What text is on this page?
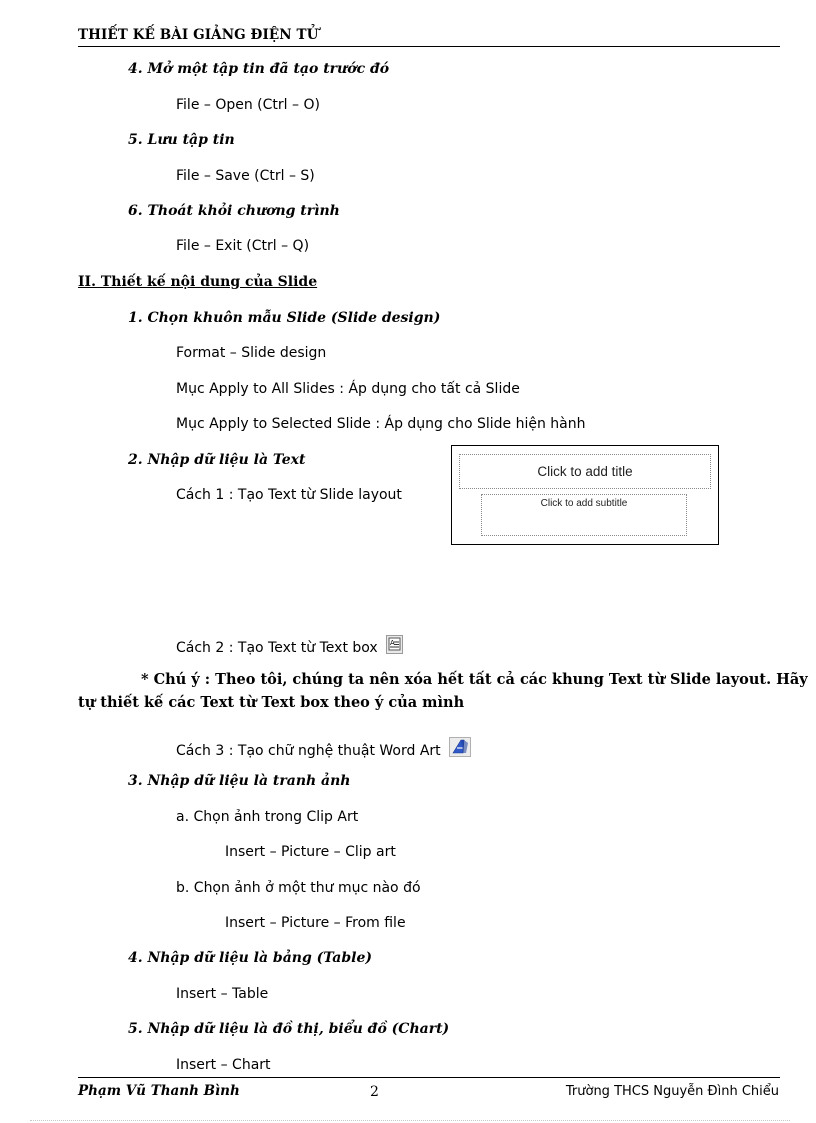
THIẾT KẾ BÀI GIẢNG ĐIỆN TỬ
4. Mở một tập tin đã tạo trước đó
File – Open (Ctrl – O)
5. Lưu tập tin
File – Save (Ctrl – S)
6. Thoát khỏi chương trình
File – Exit (Ctrl – Q)
II. Thiết kế nội dung của Slide
1. Chọn khuôn mẫu Slide (Slide design)
Format – Slide design
Mục Apply to All Slides : Áp dụng cho tất cả Slide
Mục Apply to Selected Slide : Áp dụng cho Slide hiện hành
2. Nhập dữ liệu là Text
Cách 1 : Tạo Text từ Slide layout
Click to add title
Click to add subtitle
Cách 2 : Tạo Text từ Text box A
* Chú ý : Theo tôi, chúng ta nên xóa hết tất cả các khung Text từ Slide layout. Hãy
tự thiết kế các Text từ Text box theo ý của mình
Cách 3 : Tạo chữ nghệ thuật Word Art
3. Nhập dữ liệu là tranh ảnh
a. Chọn ảnh trong Clip Art
Insert – Picture – Clip art
b. Chọn ảnh ở một thư mục nào đó
Insert – Picture – From file
4. Nhập dữ liệu là bảng (Table)
Insert – Table
5. Nhập dữ liệu là đồ thị, biểu đồ (Chart)
Insert – Chart
Phạm Vũ Thanh Bình	2	Trường THCS Nguyễn Đình Chiểu
